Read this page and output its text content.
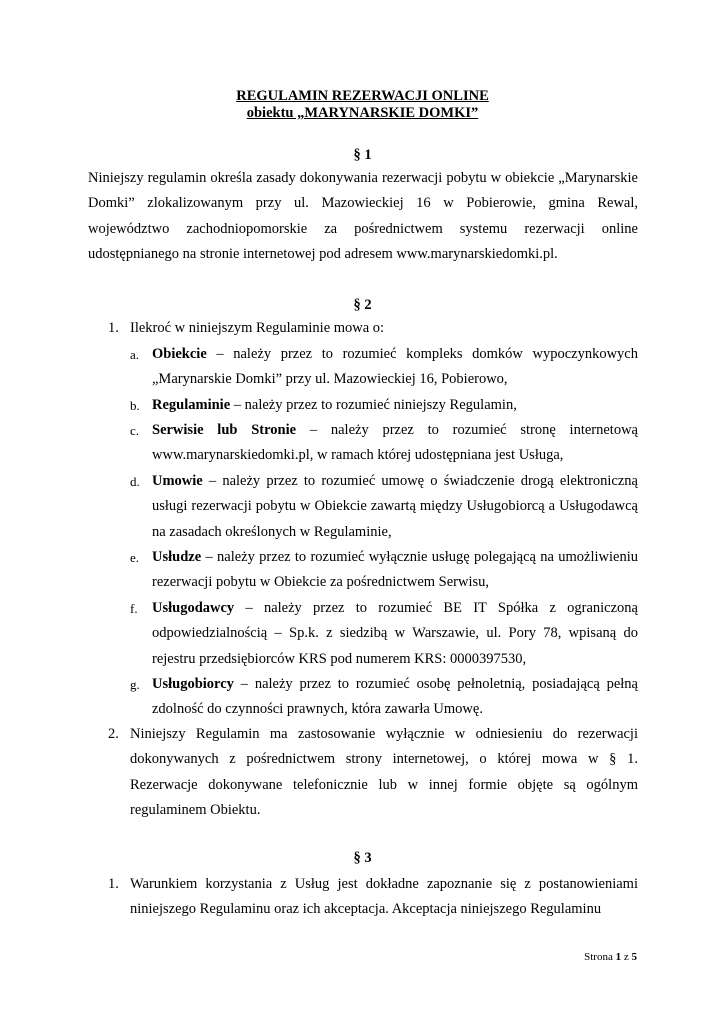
REGULAMIN REZERWACJI ONLINE
obiektu „MARYNARSKIE DOMKI”
§ 1
Niniejszy regulamin określa zasady dokonywania rezerwacji pobytu w obiekcie „Marynarskie Domki” zlokalizowanym przy ul. Mazowieckiej 16 w Pobierowie, gmina Rewal, województwo zachodniopomorskie za pośrednictwem systemu rezerwacji online udostępnianego na stronie internetowej pod adresem www.marynarskiedomki.pl.
§ 2
1. Ilekroć w niniejszym Regulaminie mowa o:
a. Obiekcie – należy przez to rozumieć kompleks domków wypoczynkowych „Marynarskie Domki” przy ul. Mazowieckiej 16, Pobierowo,
b. Regulaminie – należy przez to rozumieć niniejszy Regulamin,
c. Serwisie lub Stronie – należy przez to rozumieć stronę internetową www.marynarskiedomki.pl, w ramach której udostępniana jest Usługa,
d. Umowie – należy przez to rozumieć umowę o świadczenie drogą elektroniczną usługi rezerwacji pobytu w Obiekcie zawartą między Usługobiorcą a Usługodawcą na zasadach określonych w Regulaminie,
e. Usłudze – należy przez to rozumieć wyłącznie usługę polegającą na umożliwieniu rezerwacji pobytu w Obiekcie za pośrednictwem Serwisu,
f. Usługodawcy – należy przez to rozumieć BE IT Spółka z ograniczoną odpowiedzialnością – Sp.k. z siedzibą w Warszawie, ul. Pory 78, wpisaną do rejestru przedsiębiorców KRS pod numerem KRS: 0000397530,
g. Usługobiorcy – należy przez to rozumieć osobę pełnoletnią, posiadającą pełną zdolność do czynności prawnych, która zawarła Umowę.
2. Niniejszy Regulamin ma zastosowanie wyłącznie w odniesieniu do rezerwacji dokonywanych z pośrednictwem strony internetowej, o której mowa w § 1. Rezerwacje dokonywane telefonicznie lub w innej formie objęte są ogólnym regulaminem Obiektu.
§ 3
1. Warunkiem korzystania z Usług jest dokładne zapoznanie się z postanowieniami niniejszego Regulaminu oraz ich akceptacja. Akceptacja niniejszego Regulaminu
Strona 1 z 5
